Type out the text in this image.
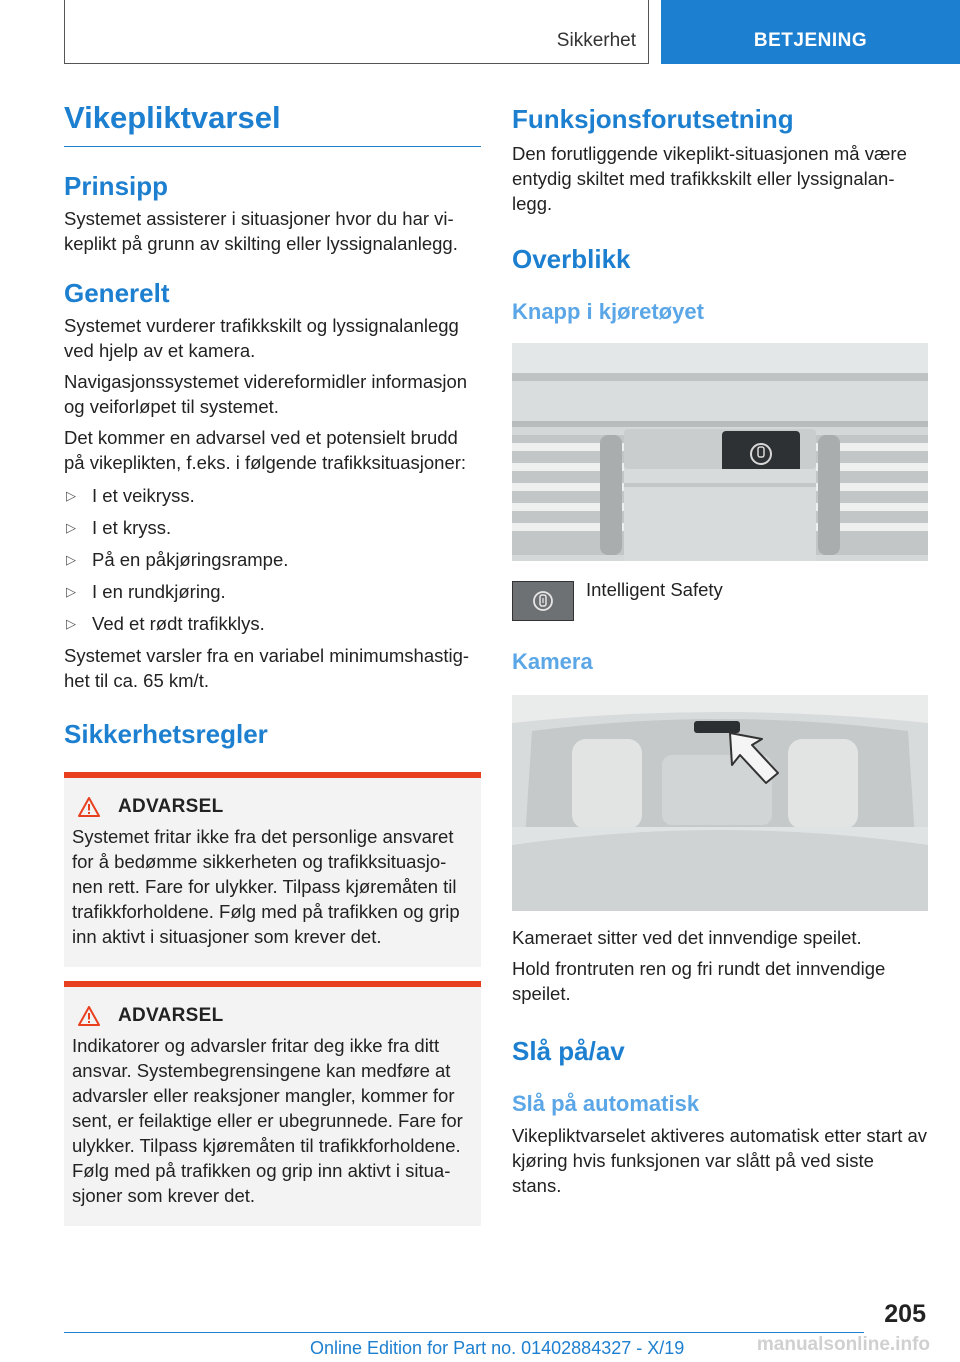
Sikkerhet	BETJENING
Vikepliktvarsel
Prinsipp

Systemet assisterer i situasjoner hvor du har vi-keplikt på grunn av skilting eller lyssignalanlegg.

Generelt

Systemet vurderer trafikkskilt og lyssignalanlegg ved hjelp av et kamera.

Navigasjonssystemet videreformidler informasjon og veiforløpet til systemet.

Det kommer en advarsel ved et potensielt brudd på vikeplikten, f.eks. i følgende trafikksituasjoner:

▷ I et veikryss.
▷ I et kryss.
▷ På en påkjøringsrampe.
▷ I en rundkjøring.
▷ Ved et rødt trafikklys.

Systemet varsler fra en variabel minimumshastig-het til ca. 65 km/t.

Sikkerhetsregler
ADVARSEL

Systemet fritar ikke fra det personlige ansvaret for å bedømme sikkerheten og trafikksituasjo-nen rett. Fare for ulykker. Tilpass kjøremåten til trafikkforholdene. Følg med på trafikken og grip inn aktivt i situasjoner som krever det.

ADVARSEL

Indikatorer og advarsler fritar deg ikke fra ditt ansvar. Systembegrensingene kan medføre at advarsler eller reaksjoner mangler, kommer for sent, er feilaktige eller er ubegrunnede. Fare for ulykker. Tilpass kjøremåten til trafikkforholdene. Følg med på trafikken og grip inn aktivt i situa-sjoner som krever det.

Funksjonsforutsetning

Den forutliggende vikeplikt-situasjonen må være entydig skiltet med trafikkskilt eller lyssignalan-legg.

Overblikk
Knapp i kjøretøyet

Intelligent Safety

Kamera

Kameraet sitter ved det innvendige speilet.

Hold frontruten ren og fri rundt det innvendige speilet.

Slå på/av
Slå på automatisk

Vikepliktvarselet aktiveres automatisk etter start av kjøring hvis funksjonen var slått på ved siste stans.

205
Online Edition for Part no. 01402884327 - X/19	manualsonline.info
